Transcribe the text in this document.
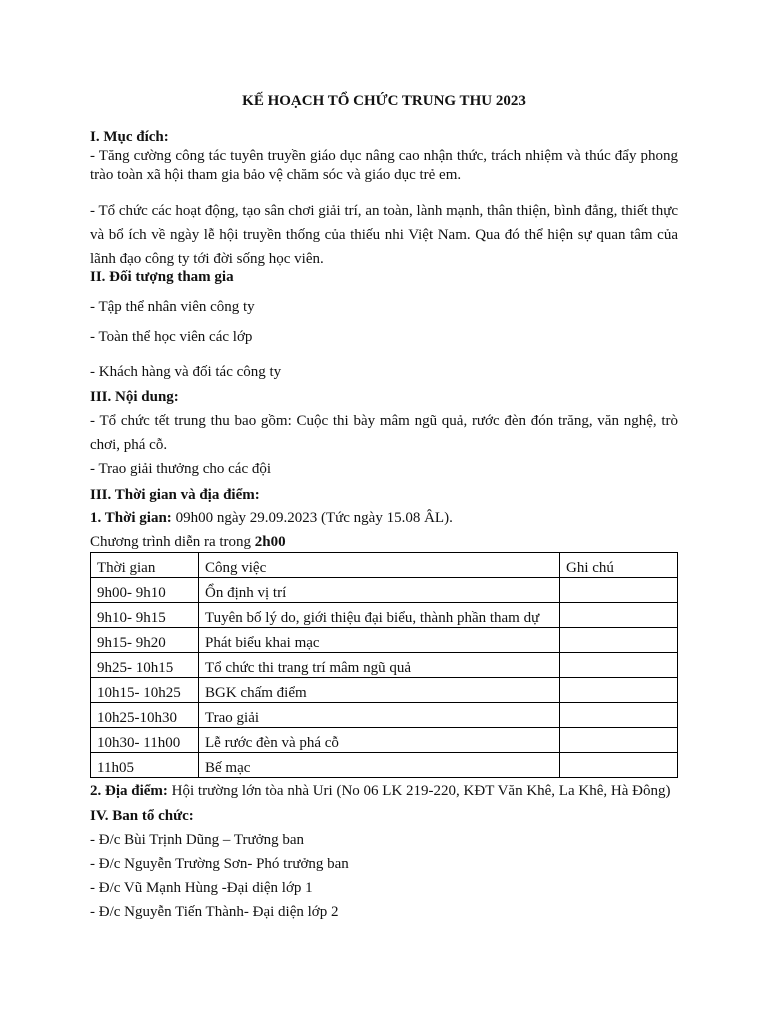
KẾ HOẠCH TỔ CHỨC TRUNG THU 2023
I. Mục đích:
- Tăng cường công tác tuyên truyền giáo dục nâng cao nhận thức, trách nhiệm và thúc đẩy phong trào toàn xã hội tham gia bảo vệ chăm sóc và giáo dục trẻ em.
- Tổ chức các hoạt động, tạo sân chơi giải trí, an toàn, lành mạnh, thân thiện, bình đẳng, thiết thực và bổ ích về ngày lễ hội truyền thống của thiếu nhi Việt Nam. Qua đó thể hiện sự quan tâm của lãnh đạo công ty tới đời sống học viên.
II. Đối tượng tham gia
- Tập thể nhân viên công ty
- Toàn thể học viên các lớp
- Khách hàng và đối tác công ty
III. Nội dung:
- Tổ chức tết trung thu bao gồm: Cuộc thi bày mâm ngũ quả, rước đèn đón trăng, văn nghệ, trò chơi, phá cỗ.
- Trao giải thưởng cho các đội
III. Thời gian và địa điểm:
1. Thời gian: 09h00 ngày 29.09.2023 (Tức ngày 15.08 ÂL).
Chương trình diễn ra trong 2h00
Thời gian	Công việc	Ghi chú
9h00- 9h10	Ổn định vị trí	
9h10- 9h15	Tuyên bố lý do, giới thiệu đại biểu, thành phần tham dự	
9h15- 9h20	Phát biểu khai mạc	
9h25- 10h15	Tổ chức thi trang trí mâm ngũ quả	
10h15- 10h25	BGK chấm điểm	
10h25-10h30	Trao giải	
10h30- 11h00	Lễ rước đèn và phá cỗ	
11h05	Bế mạc	
2. Địa điểm: Hội trường lớn tòa nhà Uri (No 06 LK 219-220, KĐT Văn Khê, La Khê, Hà Đông)
IV. Ban tổ chức:
- Đ/c Bùi Trịnh Dũng – Trưởng ban
- Đ/c Nguyễn Trường Sơn- Phó trưởng ban
- Đ/c Vũ Mạnh Hùng -Đại diện lớp 1
- Đ/c Nguyễn Tiến Thành- Đại diện lớp 2
